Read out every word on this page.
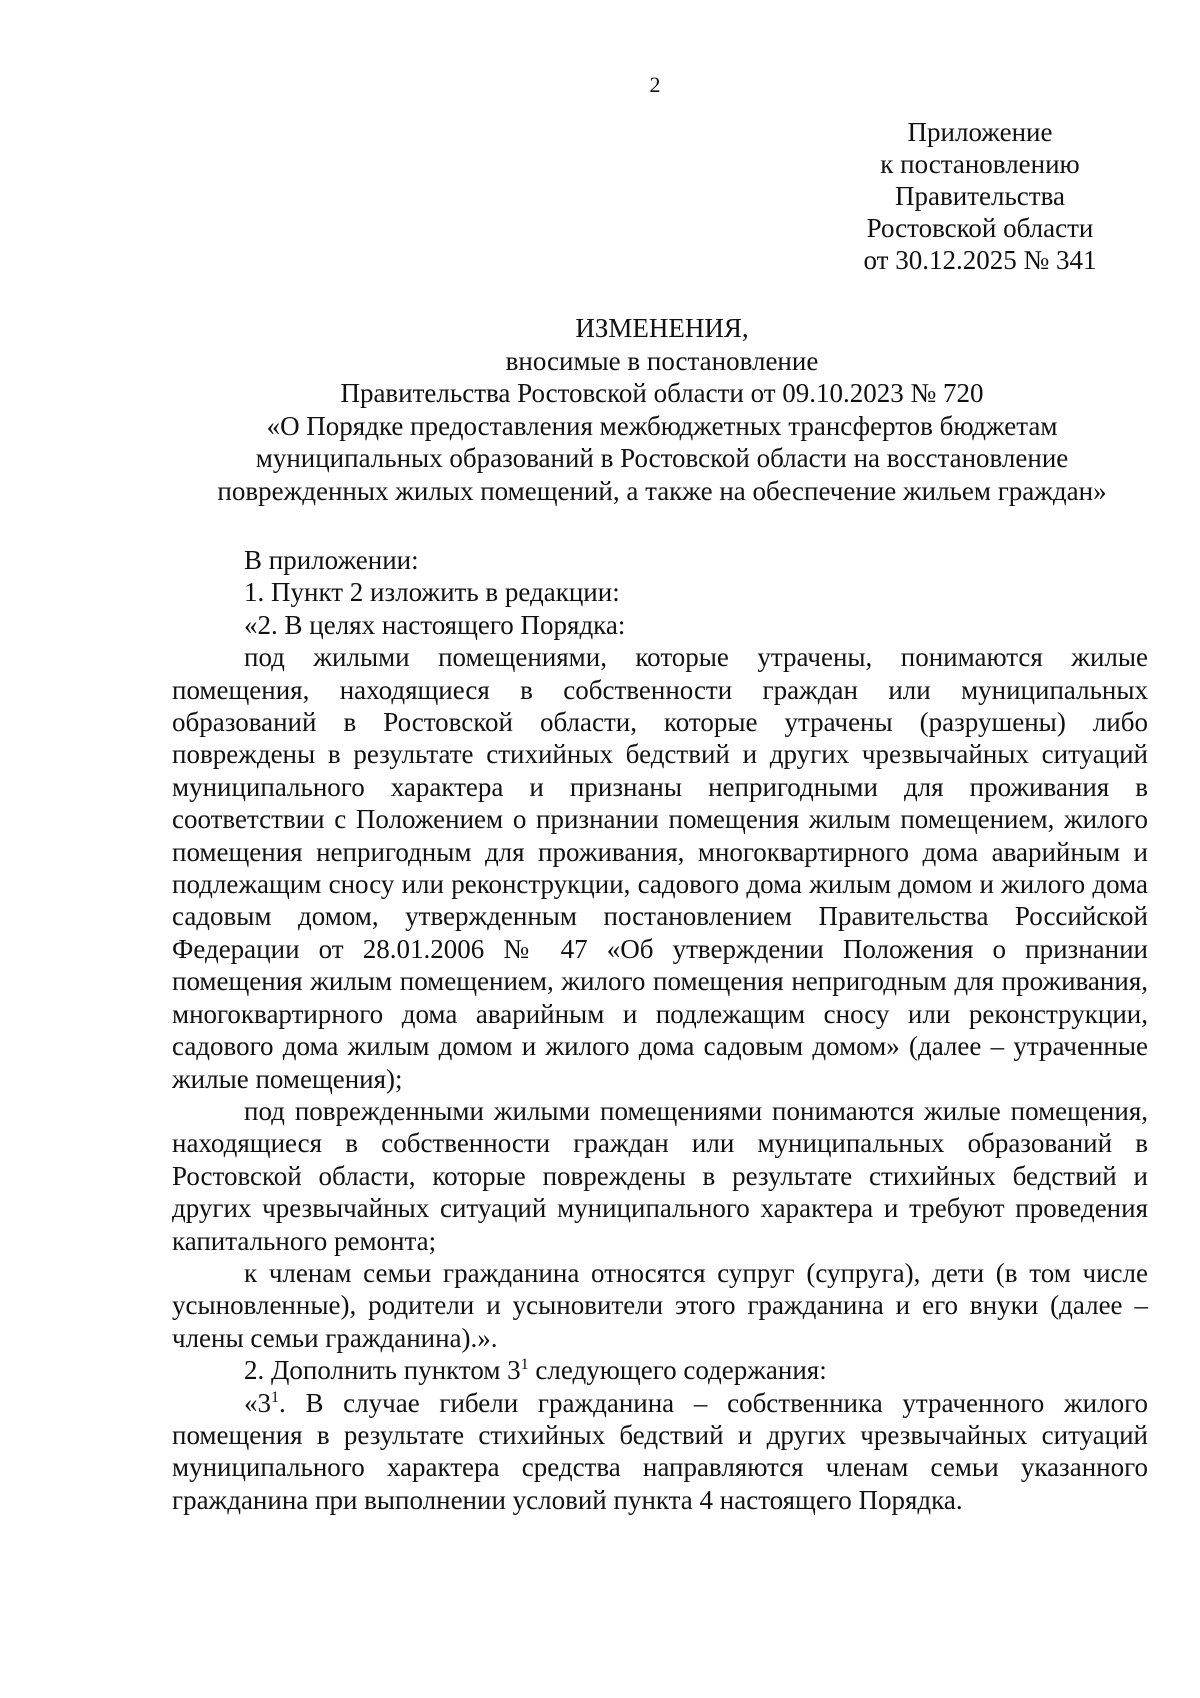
2
Приложение
к постановлению
Правительства
Ростовской области
от 30.12.2025 № 341
ИЗМЕНЕНИЯ,
вносимые в постановление
Правительства Ростовской области от 09.10.2023 № 720
«О Порядке предоставления межбюджетных трансфертов бюджетам
муниципальных образований в Ростовской области на восстановление
поврежденных жилых помещений, а также на обеспечение жильем граждан»

В приложении:

1. Пункт 2 изложить в редакции:

«2. В целях настоящего Порядка:

под жилыми помещениями, которые утрачены, понимаются жилые помещения, находящиеся в собственности граждан или муниципальных образований в Ростовской области, которые утрачены (разрушены) либо повреждены в результате стихийных бедствий и других чрезвычайных ситуаций муниципального характера и признаны непригодными для проживания в соответствии с Положением о признании помещения жилым помещением, жилого помещения непригодным для проживания, многоквартирного дома аварийным и подлежащим сносу или реконструкции, садового дома жилым домом и жилого дома садовым домом, утвержденным постановлением Правительства Российской Федерации от 28.01.2006 № 47 «Об утверждении Положения о признании помещения жилым помещением, жилого помещения непригодным для проживания, многоквартирного дома аварийным и подлежащим сносу или реконструкции, садового дома жилым домом и жилого дома садовым домом» (далее – утраченные жилые помещения);

под поврежденными жилыми помещениями понимаются жилые помещения, находящиеся в собственности граждан или муниципальных образований в Ростовской области, которые повреждены в результате стихийных бедствий и других чрезвычайных ситуаций муниципального характера и требуют проведения капитального ремонта;

к членам семьи гражданина относятся супруг (супруга), дети (в том числе усыновленные), родители и усыновители этого гражданина и его внуки (далее – члены семьи гражданина).».

2. Дополнить пунктом $3^1$ следующего содержания:

«$3^1$. В случае гибели гражданина – собственника утраченного жилого помещения в результате стихийных бедствий и других чрезвычайных ситуаций муниципального характера средства направляются членам семьи указанного гражданина при выполнении условий пункта 4 настоящего Порядка.
